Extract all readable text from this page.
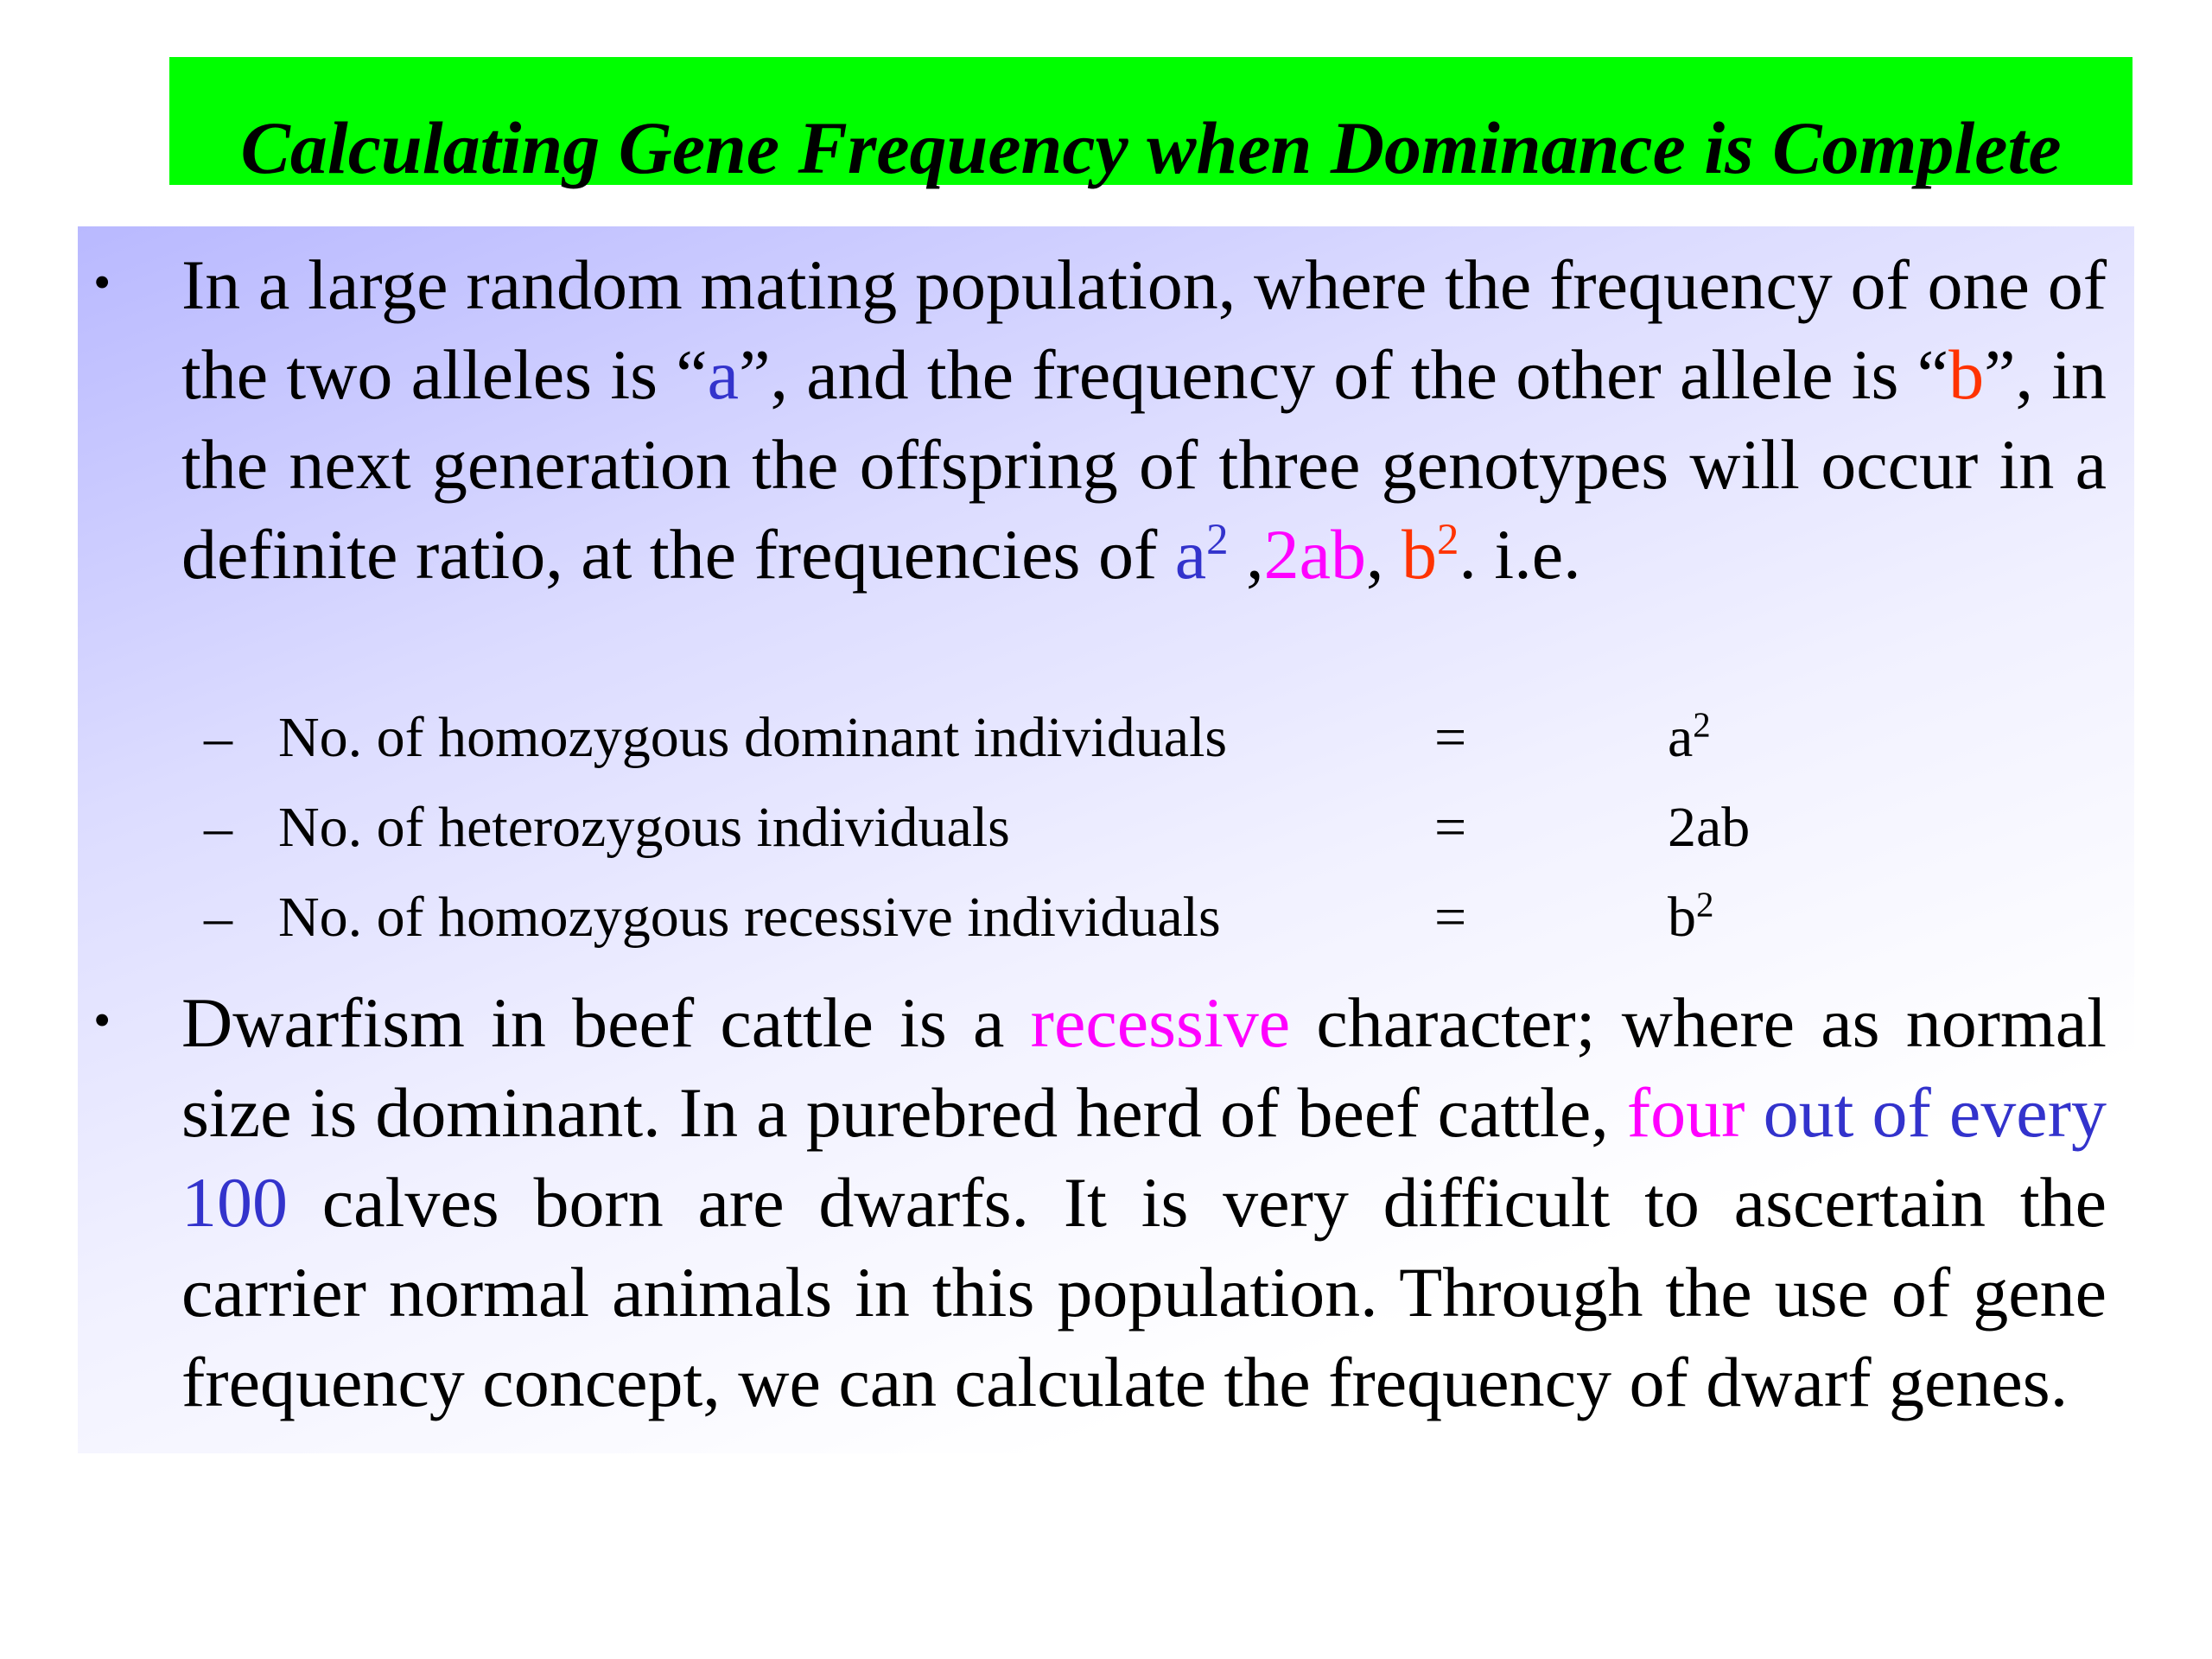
Calculating Gene Frequency when Dominance is Complete
• In a large random mating population, where the frequency of one of the two alleles is “a”, and the frequency of the other allele is “b”, in the next generation the offspring of three genotypes will occur in a definite ratio, at the frequencies of $a^2$ ,2ab, $b^2$. i.e.
– No. of homozygous dominant individuals	=	$a^2$
– No. of heterozygous individuals	=	2ab
– No. of homozygous recessive individuals	=	$b^2$
• Dwarfism in beef cattle is a recessive character; where as normal size is dominant. In a purebred herd of beef cattle, four out of every 100 calves born are dwarfs. It is very difficult to ascertain the carrier normal animals in this population. Through the use of gene frequency concept, we can calculate the frequency of dwarf genes.
